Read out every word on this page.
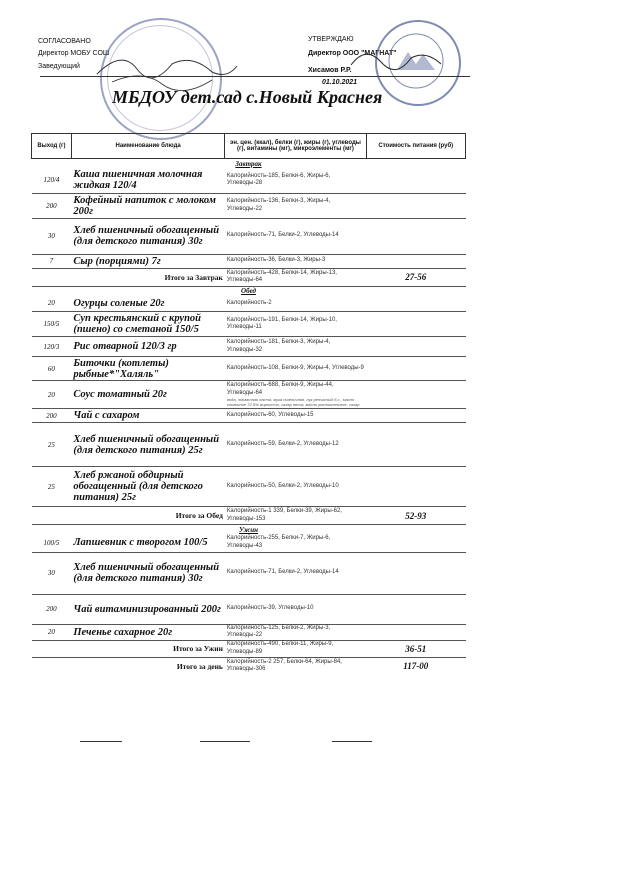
СОГЛАСОВАНО
Директор МОБУ СОШ
Заведующий
УТВЕРЖДАЮ
Директор ООО "МАГНАТ"
Хисамов Р.Р.
01.10.2021
МБДОУ дет.сад с.Новый Краснея
Выход (г)	Наименование блюда	эн. цен. (ккал), белки (г), жиры (г), углеводы (г), витамины (мг), микроэлементы (мг)	Стоимость питания (руб)
Завтрак			
120/4	Каша пшеничная молочная жидкая 120/4	Калорийность-185, Белки-6, Жиры-6, Углеводы-28	
200	Кофейный напиток с молоком 200г	Калорийность-136, Белки-3, Жиры-4, Углеводы-22	
30	Хлеб пшеничный обогащенный (для детского питания) 30г	Калорийность-71, Белки-2, Углеводы-14	
7	Сыр (порциями) 7г	Калорийность-36, Белки-3, Жиры-3	
Итого за Завтрак		Калорийность-428, Белки-14, Жиры-13, Углеводы-64	27-56
Обед			
20	Огурцы соленые 20г	Калорийность-2	
150/5	Суп крестьянский с крупой (пшено) со сметаной 150/5	Калорийность-191, Белки-14, Жиры-10, Углеводы-11	
120/3	Рис отварной 120/3 гр	Калорийность-181, Белки-3, Жиры-4, Углеводы-32	
60	Биточки (котлеты) рыбные*"Халяль"	Калорийность-108, Белки-9, Жиры-4, Углеводы-9	
20	Соус томатный 20г	Калорийность-688, Белки-9, Жиры-44, Углеводы-64
вода, томатная паста, мука пшеничная, лук репчатый б.с., масло сливочное 72.5% жирности, сахар песок, масло растительное, сахар	

200	Чай с сахаром	Калорийность-60, Углеводы-15	
25	Хлеб пшеничный обогащенный (для детского питания) 25г	Калорийность-59, Белки-2, Углеводы-12	
25	Хлеб ржаной обдирный обогащенный (для детского питания) 25г	Калорийность-50, Белки-2, Углеводы-10	
Итого за Обед		Калорийность-1 339, Белки-39, Жиры-62, Углеводы-153	52-93
Ужин			
100/5	Лапшевник с творогом 100/5	Калорийность-255, Белки-7, Жиры-6, Углеводы-43	
30	Хлеб пшеничный обогащенный (для детского питания) 30г	Калорийность-71, Белки-2, Углеводы-14	
200	Чай витаминизированный 200г	Калорийность-39, Углеводы-10	
20	Печенье сахарное 20г	Калорийность-125, Белки-2, Жиры-3, Углеводы-22	
Итого за Ужин		Калорийность-490, Белки-11, Жиры-9, Углеводы-89	36-51
Итого за день		Калорийность-2 257, Белки-64, Жиры-84, Углеводы-306	117-00
